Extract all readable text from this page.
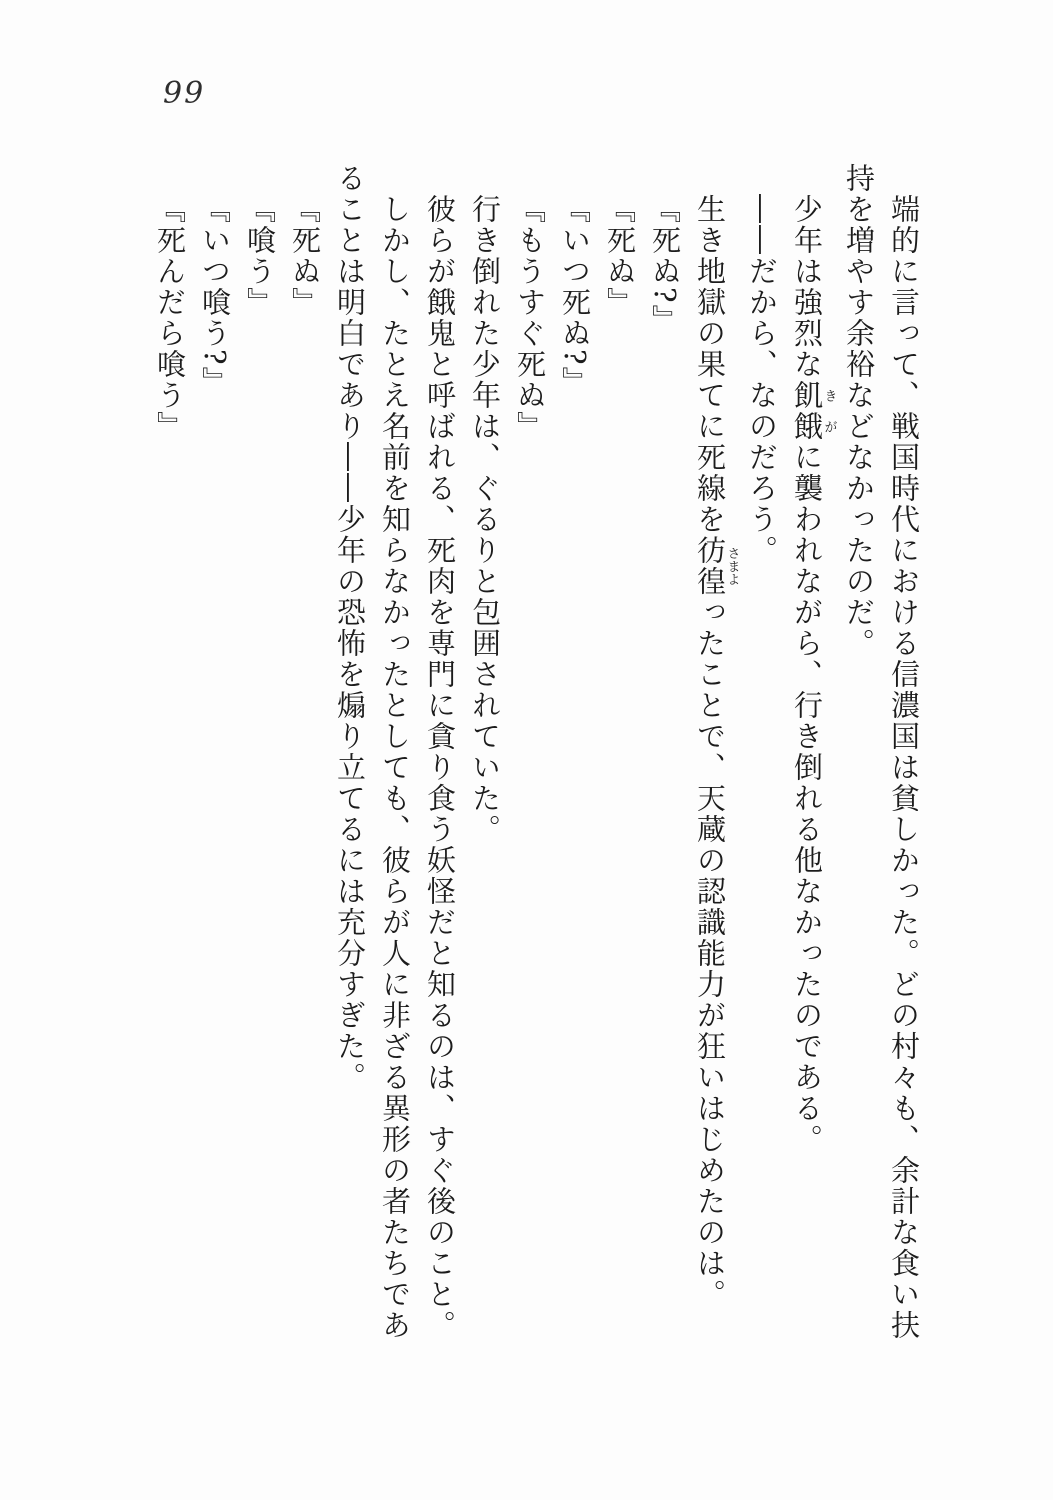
99
端的に言って、戦国時代における信濃国は貧しかった。どの村々も、余計な食い扶
持を増やす余裕などなかったのだ。
少年は強烈な飢き餓がに襲われながら、行き倒れる他なかったのである。
――だから、なのだろう。
生き地獄の果てに死線を彷徨さまよったことで、天蔵の認識能力が狂いはじめたのは。
『死ぬ?』
『死ぬ』
『いつ死ぬ?』
『もうすぐ死ぬ』
行き倒れた少年は、ぐるりと包囲されていた。
彼らが餓鬼と呼ばれる、死肉を専門に貪り食う妖怪だと知るのは、すぐ後のこと。
しかし、たとえ名前を知らなかったとしても、彼らが人に非ざる異形の者たちであ
ることは明白であり――少年の恐怖を煽り立てるには充分すぎた。
『死ぬ』
『喰う』
『いつ喰う?』
『死んだら喰う』
